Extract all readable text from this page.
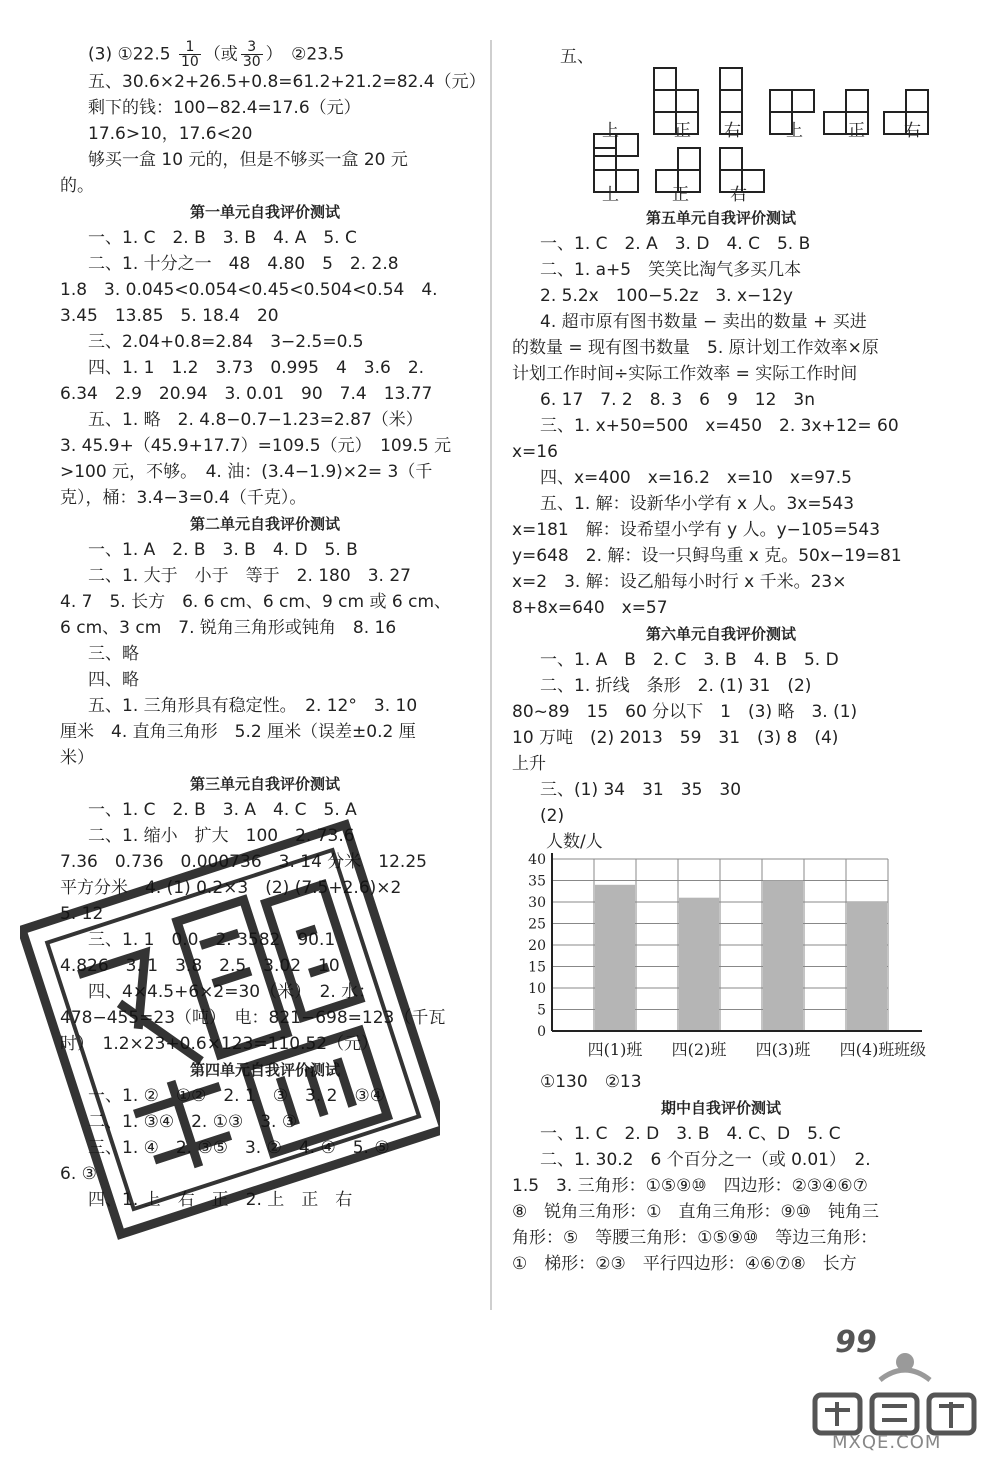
(3) ①22.5 $\frac{1}{10}$ （或 $\frac{3}{30}$ ）　②23.5
五、30.6×2+26.5+0.8=61.2+21.2=82.4（元）
剩下的钱：100−82.4=17.6（元）
17.6>10，17.6<20
够买一盒 10 元的，但是不够买一盒 20 元
的。
第一单元自我评价测试
一、1. C　2. B　3. B　4. A　5. C
二、1. 十分之一　48　4.80　5　2. 2.8
1.8　3. 0.045<0.054<0.45<0.504<0.54　4.
3.45　13.85　5. 18.4　20
三、2.04+0.8=2.84　3−2.5=0.5
四、1. 1　1.2　3.73　0.995　4　3.6　2.
6.34　2.9　20.94　3. 0.01　90　7.4　13.77
五、1. 略　2. 4.8−0.7−1.23=2.87（米）
3. 45.9+（45.9+17.7）=109.5（元）　109.5 元
>100 元，不够。　4. 油：(3.4−1.9)×2= 3（千
克），桶：3.4−3=0.4（千克）。
第二单元自我评价测试
一、1. A　2. B　3. B　4. D　5. B
二、1. 大于　小于　等于　2. 180　3. 27
4. 7　5. 长方　6. 6 cm、6 cm、9 cm 或 6 cm、
6 cm、3 cm　7. 锐角三角形或钝角　8. 16
三、略
四、略
五、1. 三角形具有稳定性。　2. 12°　3. 10
厘米　4. 直角三角形　5.2 厘米（误差±0.2 厘
米）
第三单元自我评价测试
一、1. C　2. B　3. A　4. C　5. A
二、1. 缩小　扩大　100　2. 73.6
7.36　0.736　0.000736　3. 14 分米　12.25
平方分米　4. (1) 0.2×3　(2) (7.5+2.6)×2
5. 12
三、1. 1　0.0　2. 3582　90.1
4.826　3. 1　3.8　2.5　3.02　10
四、4×4.5+6×2=30（米）　2. 水：
478−455=23（吨）　电：821−698=123（千瓦
时）　1.2×23+0.6×123=110.52（元）
第四单元自我评价测试
一、1. ②　①②　2. 1　③　3. 2　③④
二、1. ③④　2. ①③　3. ③
三、1. ④　2. ③⑤　3. ②　4. ④　5. ⑤
6. ③
四、1. 上　右　正　2. 上　正　右
五、
上	正 右	上	正 右
上	正 右
第五单元自我评价测试
一、1. C　2. A　3. D　4. C　5. B
二、1. a+5　笑笑比淘气多买几本
2. 5.2x　100−5.2z　3. x−12y
4. 超市原有图书数量 − 卖出的数量 + 买进
的数量 = 现有图书数量　5. 原计划工作效率×原
计划工作时间÷实际工作效率 = 实际工作时间
6. 17　7. 2　8. 3　6　9　12　3n
三、1. x+50=500　x=450　2. 3x+12= 60
x=16
四、x=400　x=16.2　x=10　x=97.5
五、1. 解：设新华小学有 x 人。3x=543
x=181　解：设希望小学有 y 人。y−105=543
y=648　2. 解：设一只鲟鸟重 x 克。50x−19=81
x=2　3. 解：设乙船每小时行 x 千米。23×
8+8x=640　x=57
第六单元自我评价测试
一、1. A　B　2. C　3. B　4. B　5. D
二、1. 折线　条形　2. (1) 31　(2)
80~89　15　60 分以下　1　(3) 略　3. (1)
10 万吨　(2) 2013　59　31　(3) 8　(4)
上升
三、(1) 34　31　35　30
(2)
人数/人
0
5
10
15
20
25
30
35
40
四(1)班 四(2)班 四(3)班 四(4)班 班级
①130　②13
期中自我评价测试
一、1. C　2. D　3. B　4. C、D　5. C
二、1. 30.2　6 个百分之一（或 0.01）　2.
1.5　3. 三角形：①⑤⑨⑩　四边形：②③④⑥⑦
⑧　锐角三角形：①　直角三角形：⑨⑩　钝角三
角形：⑤　等腰三角形：①⑤⑨⑩　等边三角形：
①　梯形：②③　平行四边形：④⑥⑦⑧　长方
99
MXQE.COM
